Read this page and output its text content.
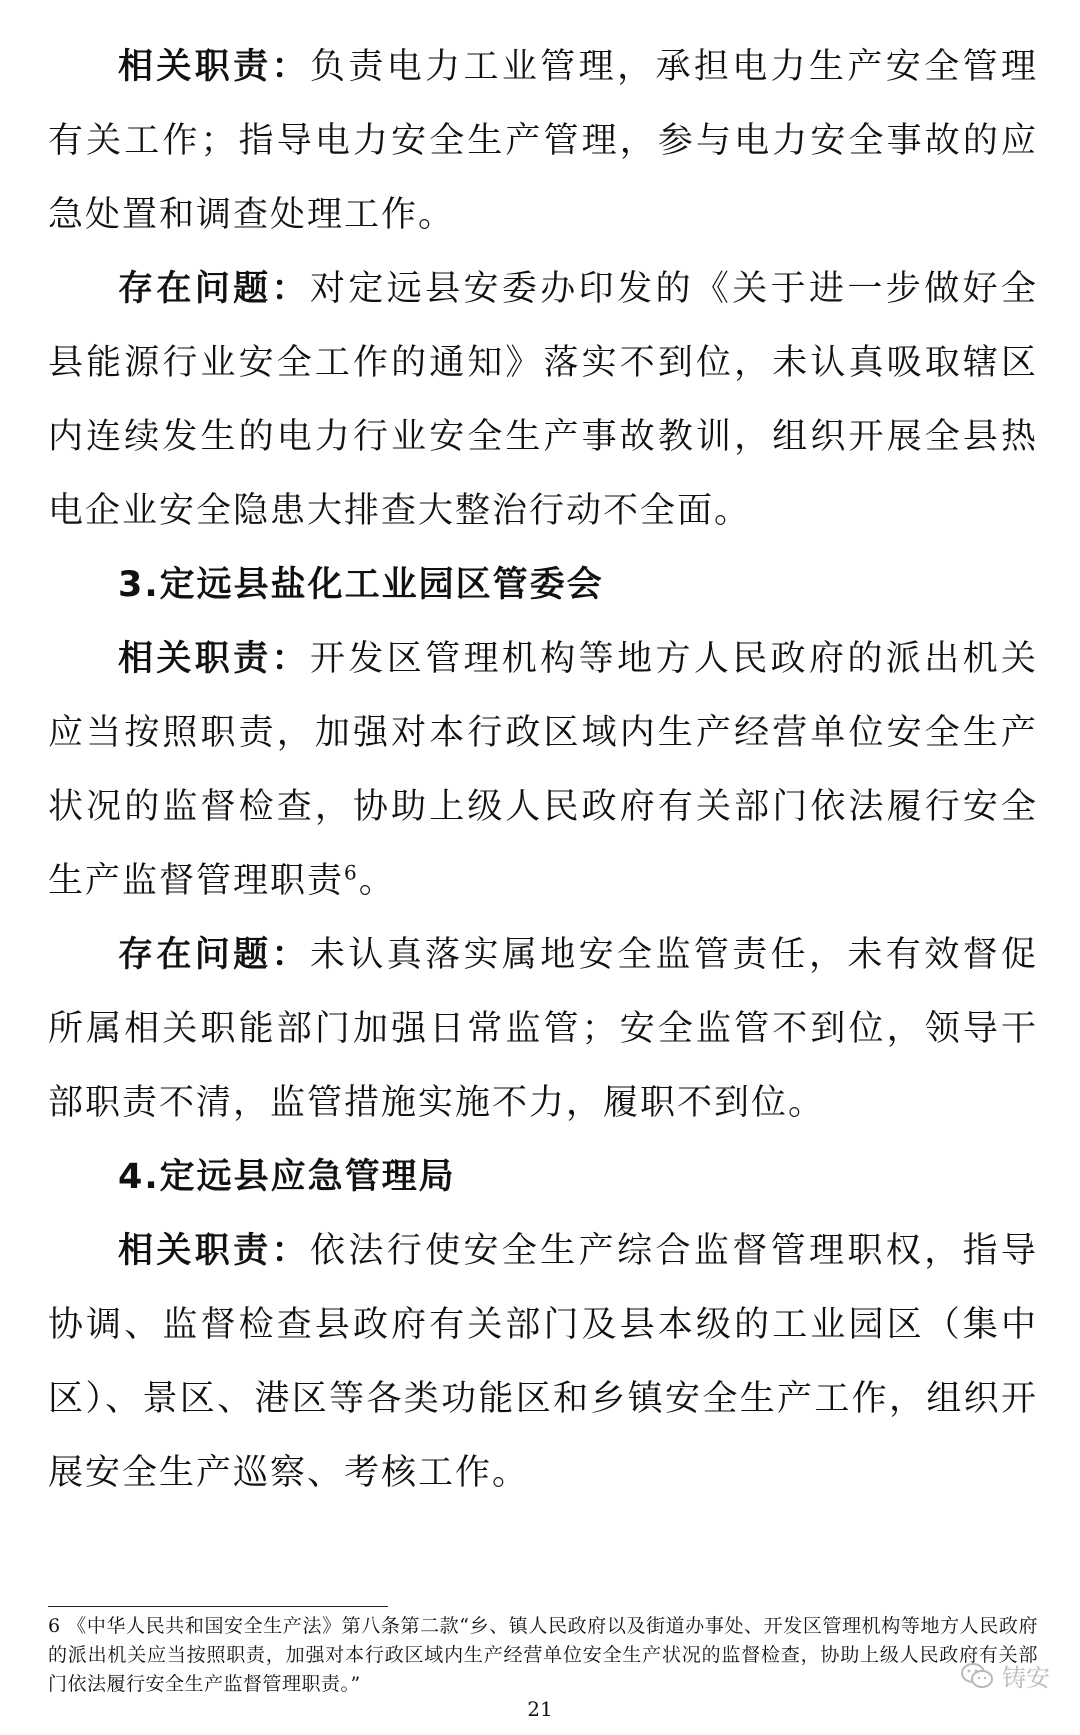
相关职责：负责电力工业管理，承担电力生产安全管理有关工作；指导电力安全生产管理，参与电力安全事故的应急处置和调查处理工作。

存在问题：对定远县安委办印发的《关于进一步做好全县能源行业安全工作的通知》落实不到位，未认真吸取辖区内连续发生的电力行业安全生产事故教训，组织开展全县热电企业安全隐患大排查大整治行动不全面。

3.定远县盐化工业园区管委会

相关职责：开发区管理机构等地方人民政府的派出机关应当按照职责，加强对本行政区域内生产经营单位安全生产状况的监督检查，协助上级人民政府有关部门依法履行安全生产监督管理职责$^6$。

存在问题：未认真落实属地安全监管责任，未有效督促所属相关职能部门加强日常监管；安全监管不到位，领导干部职责不清，监管措施实施不力，履职不到位。

4.定远县应急管理局

相关职责：依法行使安全生产综合监督管理职权，指导协调、监督检查县政府有关部门及县本级的工业园区（集中区）、景区、港区等各类功能区和乡镇安全生产工作，组织开展安全生产巡察、考核工作。

6 《中华人民共和国安全生产法》第八条第二款“乡、镇人民政府以及街道办事处、开发区管理机构等地方人民政府的派出机关应当按照职责，加强对本行政区域内生产经营单位安全生产状况的监督检查，协助上级人民政府有关部门依法履行安全生产监督管理职责。”	铸安
21
